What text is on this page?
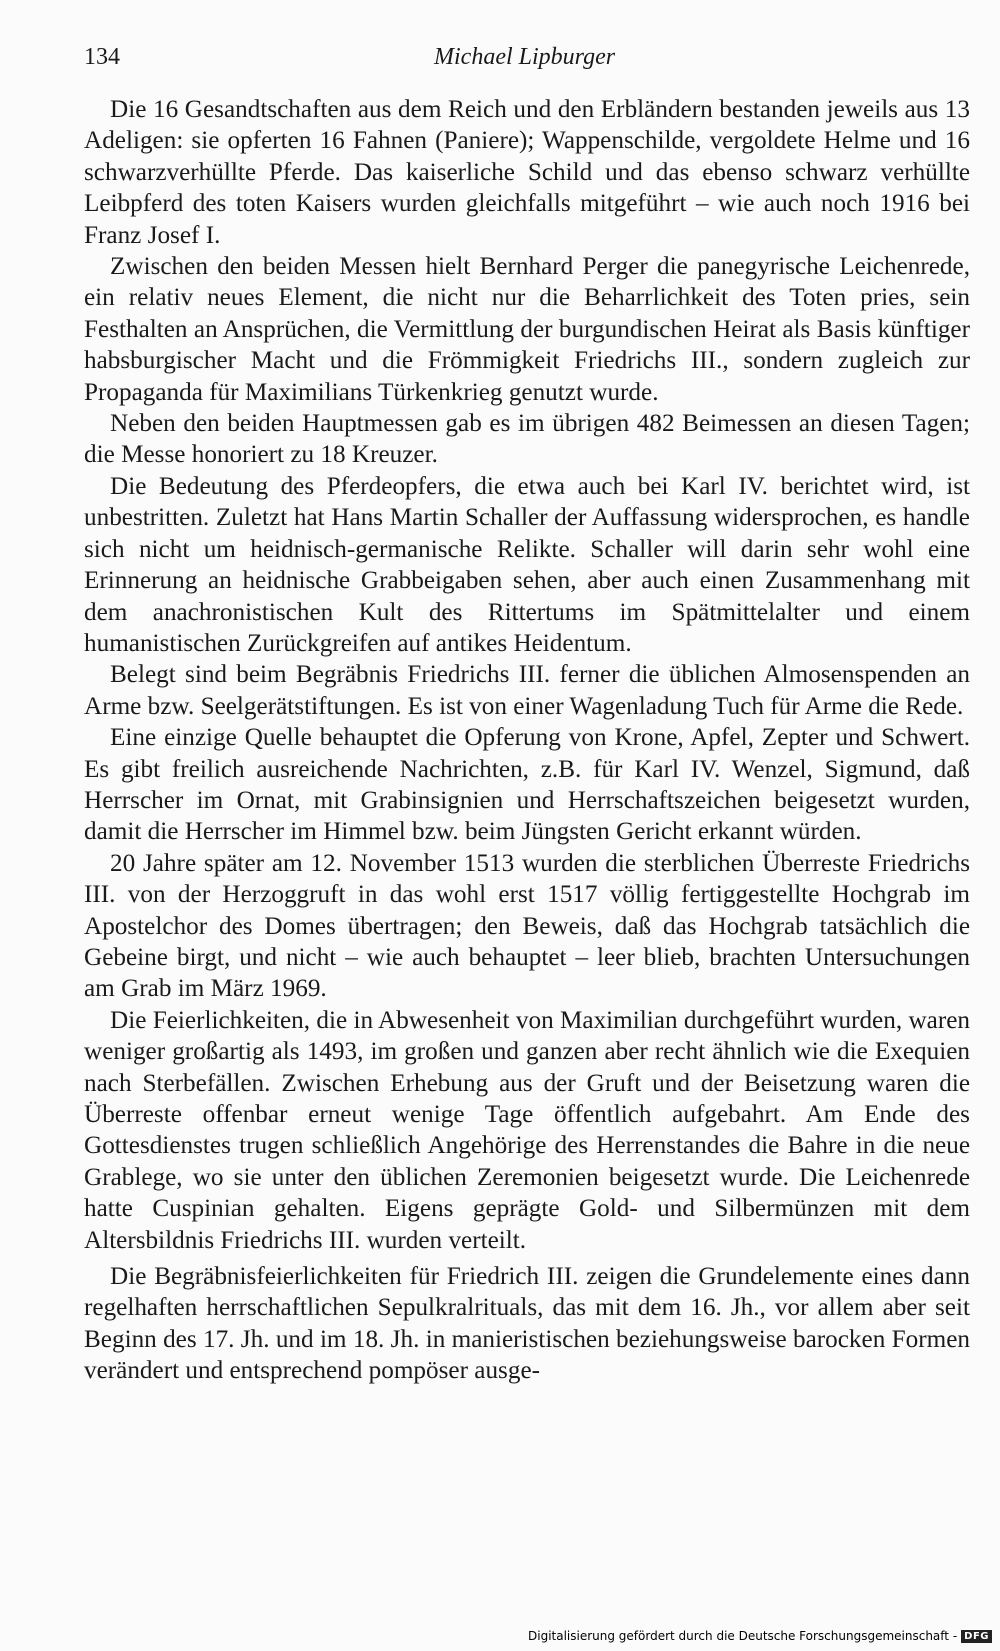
134	Michael Lipburger

Die 16 Gesandtschaften aus dem Reich und den Erbländern bestanden jeweils aus 13 Adeligen: sie opferten 16 Fahnen (Paniere); Wappenschilde, vergoldete Helme und 16 schwarzverhüllte Pferde. Das kaiserliche Schild und das ebenso schwarz verhüllte Leibpferd des toten Kaisers wurden gleichfalls mitgeführt – wie auch noch 1916 bei Franz Josef I.

Zwischen den beiden Messen hielt Bernhard Perger die panegyrische Leichenrede, ein relativ neues Element, die nicht nur die Beharrlichkeit des Toten pries, sein Festhalten an Ansprüchen, die Vermittlung der burgundischen Heirat als Basis künftiger habsburgischer Macht und die Frömmigkeit Friedrichs III., sondern zugleich zur Propaganda für Maximilians Türkenkrieg genutzt wurde.

Neben den beiden Hauptmessen gab es im übrigen 482 Beimessen an diesen Tagen; die Messe honoriert zu 18 Kreuzer.

Die Bedeutung des Pferdeopfers, die etwa auch bei Karl IV. berichtet wird, ist unbestritten. Zuletzt hat Hans Martin Schaller der Auffassung widersprochen, es handle sich nicht um heidnisch-germanische Relikte. Schaller will darin sehr wohl eine Erinnerung an heidnische Grabbeigaben sehen, aber auch einen Zusammenhang mit dem anachronistischen Kult des Rittertums im Spätmittelalter und einem humanistischen Zurückgreifen auf antikes Heidentum.

Belegt sind beim Begräbnis Friedrichs III. ferner die üblichen Almosenspenden an Arme bzw. Seelgerätstiftungen. Es ist von einer Wagenladung Tuch für Arme die Rede.

Eine einzige Quelle behauptet die Opferung von Krone, Apfel, Zepter und Schwert. Es gibt freilich ausreichende Nachrichten, z.B. für Karl IV. Wenzel, Sigmund, daß Herrscher im Ornat, mit Grabinsignien und Herrschaftszeichen beigesetzt wurden, damit die Herrscher im Himmel bzw. beim Jüngsten Gericht erkannt würden.

20 Jahre später am 12. November 1513 wurden die sterblichen Überreste Friedrichs III. von der Herzoggruft in das wohl erst 1517 völlig fertiggestellte Hochgrab im Apostelchor des Domes übertragen; den Beweis, daß das Hochgrab tatsächlich die Gebeine birgt, und nicht – wie auch behauptet – leer blieb, brachten Untersuchungen am Grab im März 1969.

Die Feierlichkeiten, die in Abwesenheit von Maximilian durchgeführt wurden, waren weniger großartig als 1493, im großen und ganzen aber recht ähnlich wie die Exequien nach Sterbefällen. Zwischen Erhebung aus der Gruft und der Beisetzung waren die Überreste offenbar erneut wenige Tage öffentlich aufgebahrt. Am Ende des Gottesdienstes trugen schließlich Angehörige des Herrenstandes die Bahre in die neue Grablege, wo sie unter den üblichen Zeremonien beigesetzt wurde. Die Leichenrede hatte Cuspinian gehalten. Eigens geprägte Gold- und Silbermünzen mit dem Altersbildnis Friedrichs III. wurden verteilt.

Die Begräbnisfeierlichkeiten für Friedrich III. zeigen die Grundelemente eines dann regelhaften herrschaftlichen Sepulkralrituals, das mit dem 16. Jh., vor allem aber seit Beginn des 17. Jh. und im 18. Jh. in manieristischen beziehungsweise barocken Formen verändert und entsprechend pompöser ausge-

Digitalisierung gefördert durch die Deutsche Forschungsgemeinschaft - DFG
